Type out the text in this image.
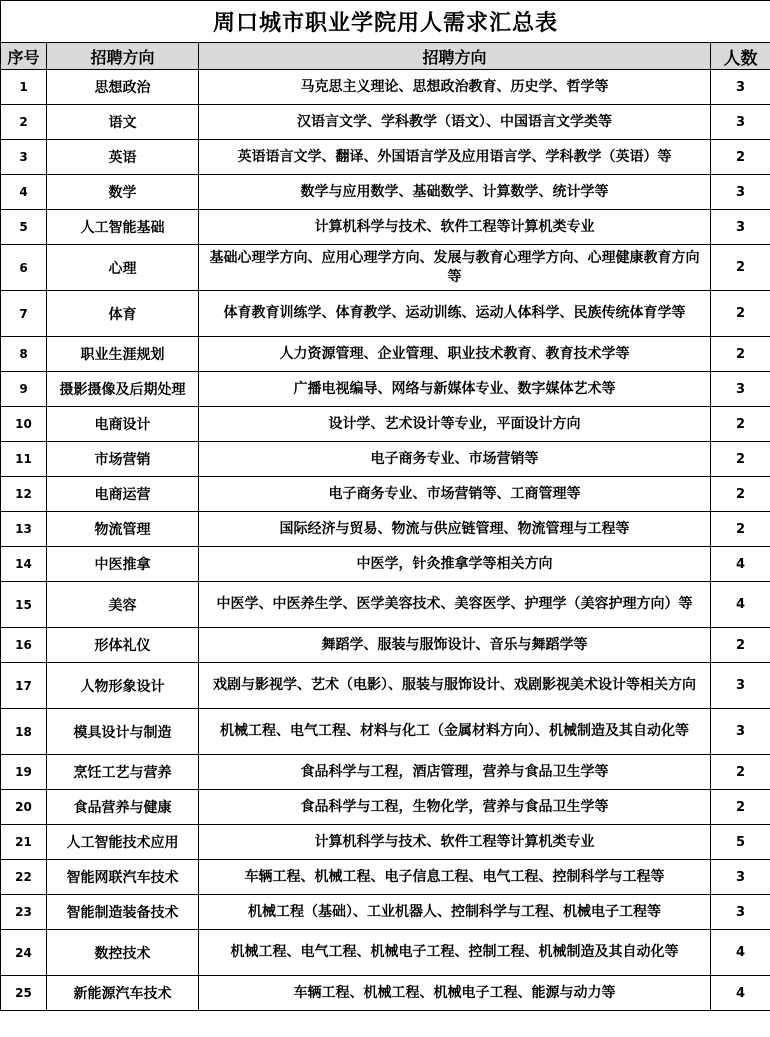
周口城市职业学院用人需求汇总表			
序号	招聘方向	招聘方向	人数
1	思想政治	马克思主义理论、思想政治教育、历史学、哲学等	3
2	语文	汉语言文学、学科教学（语文）、中国语言文学类等	3
3	英语	英语语言文学、翻译、外国语言学及应用语言学、学科教学（英语）等	2
4	数学	数学与应用数学、基础数学、计算数学、统计学等	3
5	人工智能基础	计算机科学与技术、软件工程等计算机类专业	3
6	心理	基础心理学方向、应用心理学方向、发展与教育心理学方向、心理健康教育方向等	2
7	体育	体育教育训练学、体育教学、运动训练、运动人体科学、民族传统体育学等	2
8	职业生涯规划	人力资源管理、企业管理、职业技术教育、教育技术学等	2
9	摄影摄像及后期处理	广播电视编导、网络与新媒体专业、数字媒体艺术等	3
10	电商设计	设计学、艺术设计等专业，平面设计方向	2
11	市场营销	电子商务专业、市场营销等	2
12	电商运营	电子商务专业、市场营销等、工商管理等	2
13	物流管理	国际经济与贸易、物流与供应链管理、物流管理与工程等	2
14	中医推拿	中医学，针灸推拿学等相关方向	4
15	美容	中医学、中医养生学、医学美容技术、美容医学、护理学（美容护理方向）等	4
16	形体礼仪	舞蹈学、服装与服饰设计、音乐与舞蹈学等	2
17	人物形象设计	戏剧与影视学、艺术（电影）、服装与服饰设计、戏剧影视美术设计等相关方向	3
18	模具设计与制造	机械工程、电气工程、材料与化工（金属材料方向）、机械制造及其自动化等	3
19	烹饪工艺与营养	食品科学与工程，酒店管理，营养与食品卫生学等	2
20	食品营养与健康	食品科学与工程，生物化学，营养与食品卫生学等	2
21	人工智能技术应用	计算机科学与技术、软件工程等计算机类专业	5
22	智能网联汽车技术	车辆工程、机械工程、电子信息工程、电气工程、控制科学与工程等	3
23	智能制造装备技术	机械工程（基础）、工业机器人、控制科学与工程、机械电子工程等	3
24	数控技术	机械工程、电气工程、机械电子工程、控制工程、机械制造及其自动化等	4
25	新能源汽车技术	车辆工程、机械工程、机械电子工程、能源与动力等	4
